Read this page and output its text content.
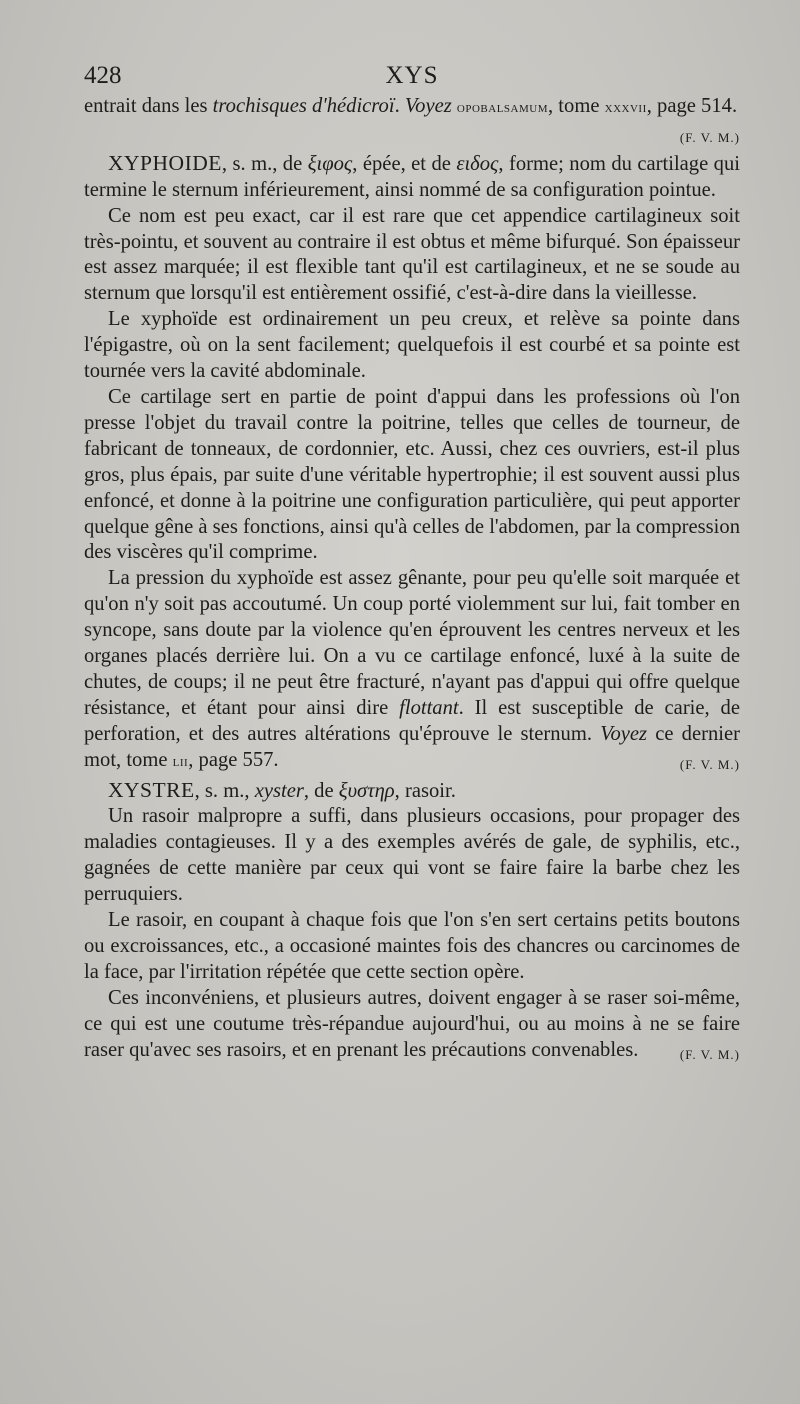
428	XYS

entrait dans les trochisques d'hédicroï. Voyez opobalsamum, tome xxxvii, page 514.
(F. V. M.)

XYPHOIDE, s. m., de ξιφος, épée, et de ειδος, forme; nom du cartilage qui termine le sternum inférieurement, ainsi nommé de sa configuration pointue.

Ce nom est peu exact, car il est rare que cet appendice cartilagineux soit très-pointu, et souvent au contraire il est obtus et même bifurqué. Son épaisseur est assez marquée; il est flexible tant qu'il est cartilagineux, et ne se soude au sternum que lorsqu'il est entièrement ossifié, c'est-à-dire dans la vieillesse.

Le xyphoïde est ordinairement un peu creux, et relève sa pointe dans l'épigastre, où on la sent facilement; quelquefois il est courbé et sa pointe est tournée vers la cavité abdominale.

Ce cartilage sert en partie de point d'appui dans les professions où l'on presse l'objet du travail contre la poitrine, telles que celles de tourneur, de fabricant de tonneaux, de cordonnier, etc. Aussi, chez ces ouvriers, est-il plus gros, plus épais, par suite d'une véritable hypertrophie; il est souvent aussi plus enfoncé, et donne à la poitrine une configuration particulière, qui peut apporter quelque gêne à ses fonctions, ainsi qu'à celles de l'abdomen, par la compression des viscères qu'il comprime.

La pression du xyphoïde est assez gênante, pour peu qu'elle soit marquée et qu'on n'y soit pas accoutumé. Un coup porté violemment sur lui, fait tomber en syncope, sans doute par la violence qu'en éprouvent les centres nerveux et les organes placés derrière lui. On a vu ce cartilage enfoncé, luxé à la suite de chutes, de coups; il ne peut être fracturé, n'ayant pas d'appui qui offre quelque résistance, et étant pour ainsi dire flottant. Il est susceptible de carie, de perforation, et des autres altérations qu'éprouve le sternum. Voyez ce dernier mot, tome lii, page 557.	(F. V. M.)

XYSTRE, s. m., xyster, de ξυστηρ, rasoir.

Un rasoir malpropre a suffi, dans plusieurs occasions, pour propager des maladies contagieuses. Il y a des exemples avérés de gale, de syphilis, etc., gagnées de cette manière par ceux qui vont se faire faire la barbe chez les perruquiers.

Le rasoir, en coupant à chaque fois que l'on s'en sert certains petits boutons ou excroissances, etc., a occasioné maintes fois des chancres ou carcinomes de la face, par l'irritation répétée que cette section opère.

Ces inconvéniens, et plusieurs autres, doivent engager à se raser soi-même, ce qui est une coutume très-répandue aujourd'hui, ou au moins à ne se faire raser qu'avec ses rasoirs, et en prenant les précautions convenables.	(F. V. M.)
